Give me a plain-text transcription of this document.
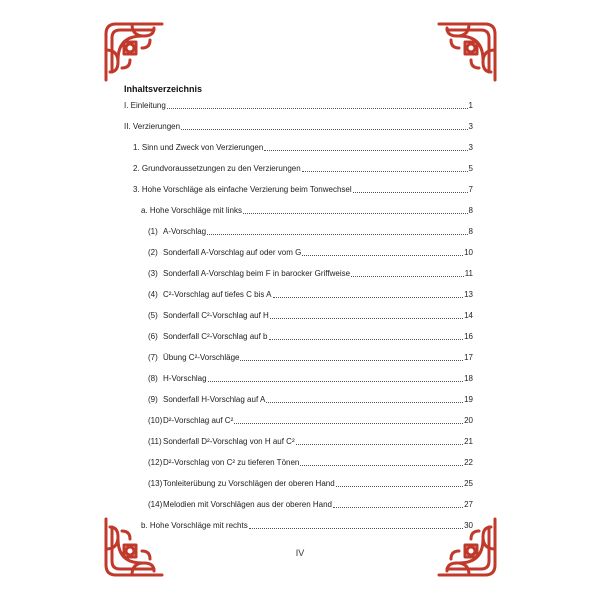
Inhaltsverzeichnis
I. Einleitung	1
II. Verzierungen	3
1. Sinn und Zweck von Verzierungen	3
2. Grundvoraussetzungen zu den Verzierungen	5
3. Hohe Vorschläge als einfache Verzierung beim Tonwechsel	7
a. Hohe Vorschläge mit links	8
(1) A-Vorschlag	8
(2) Sonderfall A-Vorschlag auf oder vom G	10
(3) Sonderfall A-Vorschlag beim F in barocker Griffweise	11
(4) C²-Vorschlag auf tiefes C bis A	13
(5) Sonderfall C²-Vorschlag auf H	14
(6) Sonderfall C²-Vorschlag auf b	16
(7) Übung C²-Vorschläge	17
(8) H-Vorschlag	18
(9) Sonderfall H-Vorschlag auf A	19
(10) D²-Vorschlag auf C²	20
(11) Sonderfall D²-Vorschlag von H auf C²	21
(12) D²-Vorschlag von C² zu tieferen Tönen	22
(13) Tonleiterübung zu Vorschlägen der oberen Hand	25
(14) Melodien mit Vorschlägen aus der oberen Hand	27
b. Hohe Vorschläge mit rechts	30
IV
